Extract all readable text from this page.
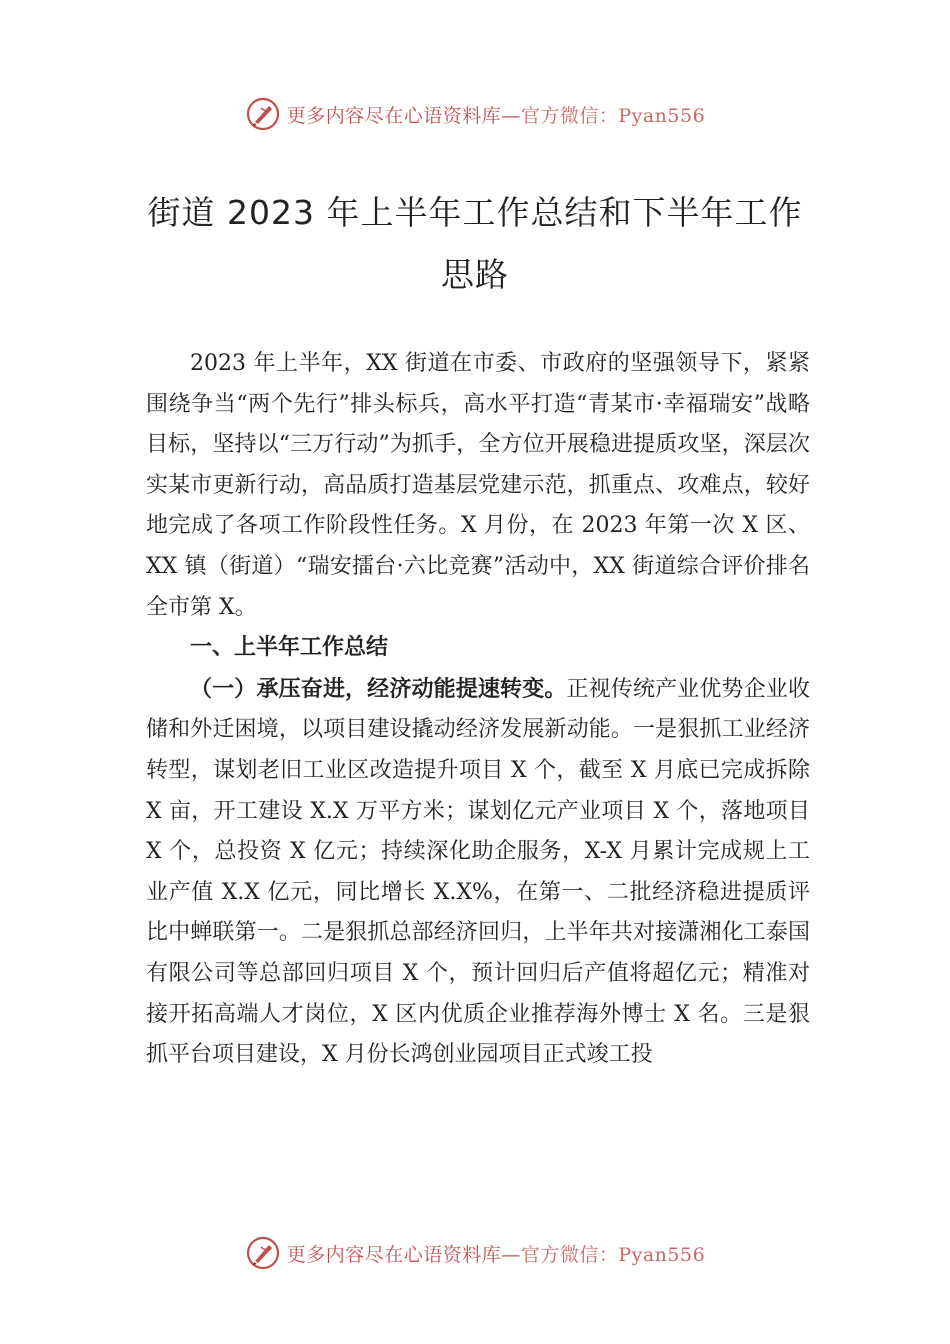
更多内容尽在心语资料库—官方微信：Pyan556
街道 2023 年上半年工作总结和下半年工作
思路

2023 年上半年，XX 街道在市委、市政府的坚强领导下，紧紧围绕争当“两个先行”排头标兵，高水平打造“青某市·幸福瑞安”战略目标，坚持以“三万行动”为抓手，全方位开展稳进提质攻坚，深层次实某市更新行动，高品质打造基层党建示范，抓重点、攻难点，较好地完成了各项工作阶段性任务。X 月份，在 2023 年第一次 X 区、XX 镇（街道）“瑞安擂台·六比竞赛”活动中，XX 街道综合评价排名全市第 X。

一、上半年工作总结

（一）承压奋进，经济动能提速转变。正视传统产业优势企业收储和外迁困境，以项目建设撬动经济发展新动能。一是狠抓工业经济转型，谋划老旧工业区改造提升项目 X 个，截至 X 月底已完成拆除 X 亩，开工建设 X.X 万平方米；谋划亿元产业项目 X 个，落地项目 X 个，总投资 X 亿元；持续深化助企服务，X-X 月累计完成规上工业产值 X.X 亿元，同比增长 X.X%，在第一、二批经济稳进提质评比中蝉联第一。二是狠抓总部经济回归，上半年共对接潇湘化工泰国有限公司等总部回归项目 X 个，预计回归后产值将超亿元；精准对接开拓高端人才岗位，X 区内优质企业推荐海外博士 X 名。三是狠抓平台项目建设，X 月份长鸿创业园项目正式竣工投

更多内容尽在心语资料库—官方微信：Pyan556
